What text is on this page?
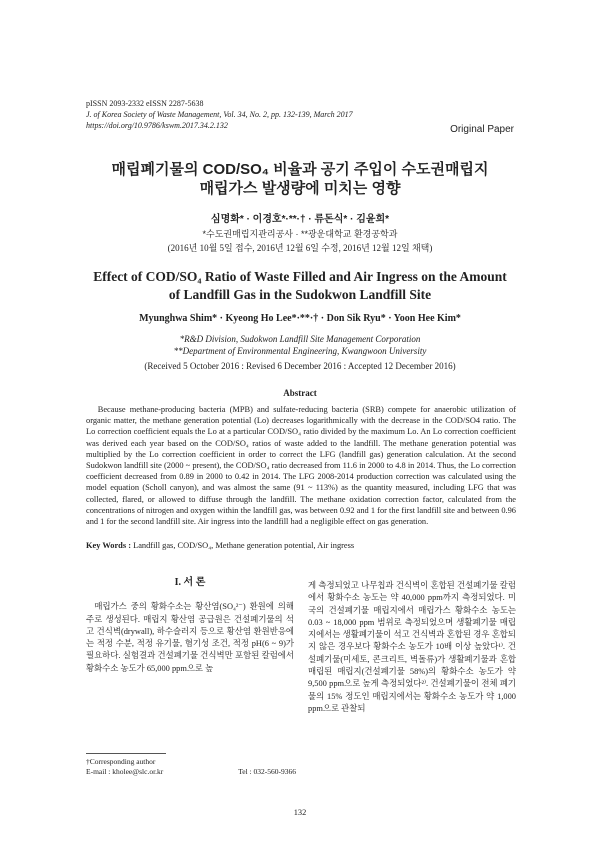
pISSN 2093-2332 eISSN 2287-5638
J. of Korea Society of Waste Management, Vol. 34, No. 2, pp. 132-139, March 2017
https://doi.org/10.9786/kswm.2017.34.2.132	Original Paper
매립폐기물의 COD/SO₄ 비율과 공기 주입이 수도권매립지
매립가스 발생량에 미치는 영향
심명화* · 이경호*·**·† · 류돈식* · 김윤희*
*수도권매립지관리공사 · **광운대학교 환경공학과
(2016년 10월 5일 접수, 2016년 12월 6일 수정, 2016년 12월 12일 채택)
Effect of COD/SO₄ Ratio of Waste Filled and Air Ingress on the Amount
of Landfill Gas in the Sudokwon Landfill Site
Myunghwa Shim* · Kyeong Ho Lee*·**·† · Don Sik Ryu* · Yoon Hee Kim*
*R&D Division, Sudokwon Landfill Site Management Corporation
**Department of Environmental Engineering, Kwangwoon University
(Received 5 October 2016 : Revised 6 December 2016 : Accepted 12 December 2016)
Abstract
Because methane-producing bacteria (MPB) and sulfate-reducing bacteria (SRB) compete for anaerobic utilization of organic matter, the methane generation potential (Lo) decreases logarithmically with the decrease in the COD/SO4 ratio. The Lo correction coefficient equals the Lo at a particular COD/SO₄ ratio divided by the maximum Lo. An Lo correction coefficient was derived each year based on the COD/SO₄ ratios of waste added to the landfill. The methane generation potential was multiplied by the Lo correction coefficient in order to correct the LFG (landfill gas) generation calculation. At the second Sudokwon landfill site (2000 ~ present), the COD/SO₄ ratio decreased from 11.6 in 2000 to 4.8 in 2014. Thus, the Lo correction coefficient decreased from 0.89 in 2000 to 0.42 in 2014. The LFG 2008-2014 production correction was calculated using the model equation (Scholl canyon), and was almost the same (91 ~ 113%) as the quantity measured, including LFG that was collected, flared, or allowed to diffuse through the landfill. The methane oxidation correction factor, calculated from the concentrations of nitrogen and oxygen within the landfill gas, was between 0.92 and 1 for the first landfill site and between 0.96 and 1 for the second landfill site. Air ingress into the landfill had a negligible effect on gas generation.
Key Words : Landfill gas, COD/SO₄, Methane generation potential, Air ingress
I. 서 론

매립가스 중의 황화수소는 황산염(SO₄²⁻) 환원에 의해 주로 생성된다. 매립지 황산염 공급원은 건설폐기물의 석고 건식벽(drywall), 하수슬러지 등으로 황산염 환원반응에는 적정 수분, 적정 유기물, 혐기성 조건, 적정 pH(6 ~ 9)가 필요하다. 실험결과 건설폐기물 건식벽만 포함된 칼럼에서 황화수소 농도가 65,000 ppm으로 높

게 측정되었고 나무칩과 건식벽이 혼합된 건설폐기물 칼럼에서 황화수소 농도는 약 40,000 ppm까지 측정되었다. 미국의 건설폐기물 매립지에서 매립가스 황화수소 농도는 0.03 ~ 18,000 ppm 범위로 측정되었으며 생활폐기물 매립지에서는 생활폐기물이 석고 건식벽과 혼합된 경우 혼합되지 않은 경우보다 황화수소 농도가 10배 이상 높았다¹⁾. 건설폐기물(미세토, 콘크리트, 벽돌류)가 생활폐기물과 혼합 매립된 매립지(건설폐기물 58%)의 황화수소 농도가 약 9,500 ppm으로 높게 측정되었다²⁾. 건설폐기물이 전체 폐기물의 15% 정도인 매립지에서는 황화수소 농도가 약 1,000 ppm으로 관찰되

†Corresponding author
E-mail : kholee@slc.or.kr	Tel : 032-560-9366
132
